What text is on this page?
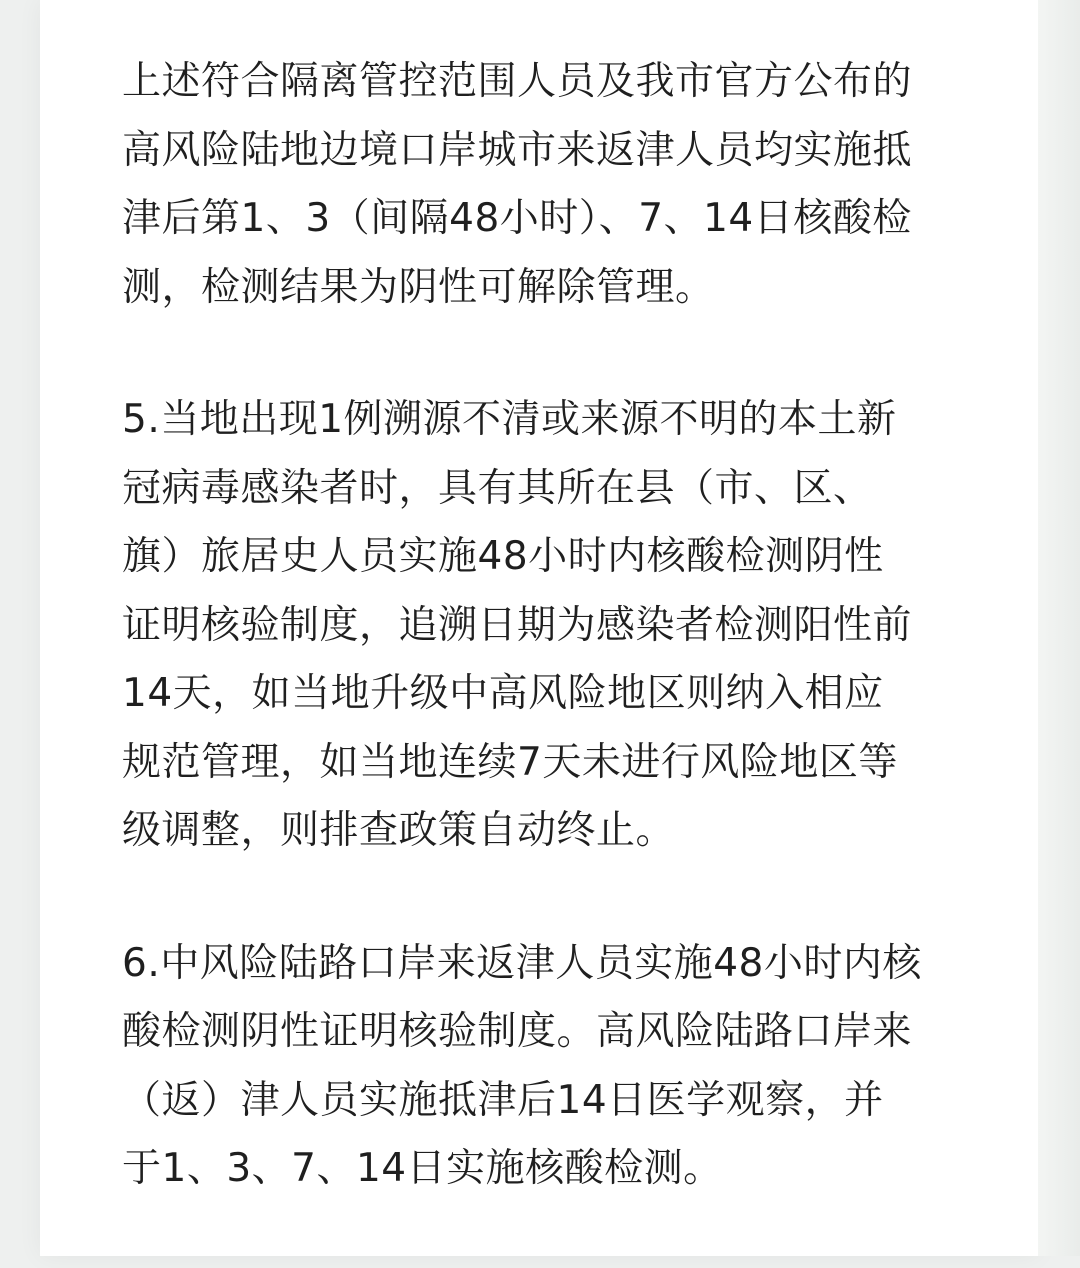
上述符合隔离管控范围人员及我市官方公布的
高风险陆地边境口岸城市来返津人员均实施抵
津后第1、3（间隔48小时）、7、14日核酸检
测，检测结果为阴性可解除管理。

5.当地出现1例溯源不清或来源不明的本土新
冠病毒感染者时，具有其所在县（市、区、
旗）旅居史人员实施48小时内核酸检测阴性
证明核验制度，追溯日期为感染者检测阳性前
14天，如当地升级中高风险地区则纳入相应
规范管理，如当地连续7天未进行风险地区等
级调整，则排查政策自动终止。

6.中风险陆路口岸来返津人员实施48小时内核
酸检测阴性证明核验制度。高风险陆路口岸来
（返）津人员实施抵津后14日医学观察，并
于1、3、7、14日实施核酸检测。
